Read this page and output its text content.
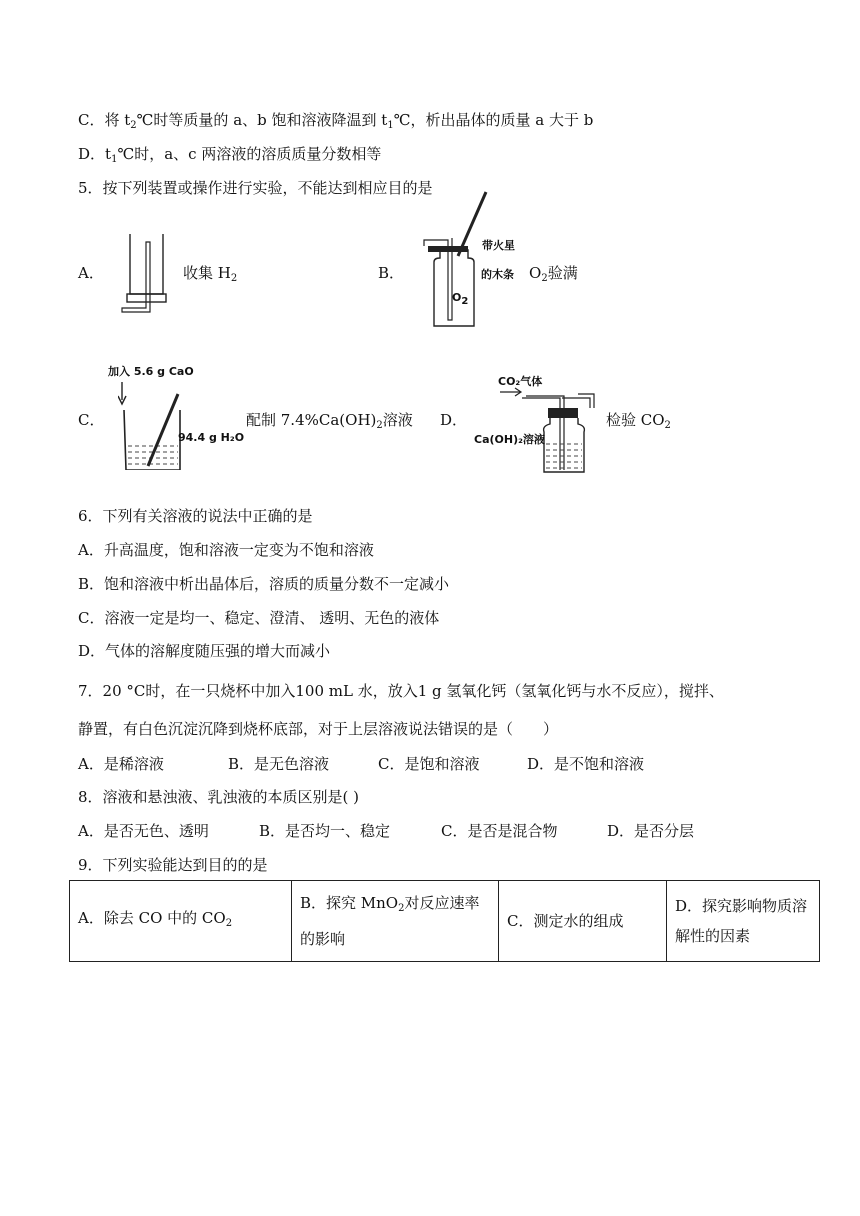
C．将 $t_2℃$时等质量的 a、b 饱和溶液降温到 $t_1℃$，析出晶体的质量 a 大于 b
D．$t_1℃$时，a、c 两溶液的溶质质量分数相等
5．按下列装置或操作进行实验，不能达到相应目的是
A．	收集 $H_2$	B．
带火星
的木条
O2
$O_2$验满
C．
加入 5.6 g CaO
94.4 g H₂O
配制 $7.4\%Ca(OH)_2$溶液 D．
CO₂气体
Ca(OH)₂溶液
检验 $CO_2$
6．下列有关溶液的说法中正确的是
A．升高温度，饱和溶液一定变为不饱和溶液
B．饱和溶液中析出晶体后，溶质的质量分数不一定减小
C．溶液一定是均一、稳定、澄清、 透明、无色的液体
D．气体的溶解度随压强的增大而减小
7．20 °C时，在一只烧杯中加入100 mL 水，放入1 g 氢氧化钙（氢氧化钙与水不反应），搅拌、
静置，有白色沉淀沉降到烧杯底部，对于上层溶液说法错误的是（　　）
A．是稀溶液	B．是无色溶液	C．是饱和溶液	D．是不饱和溶液
8．溶液和悬浊液、乳浊液的本质区别是( )
A．是否无色、透明	B．是否均一、稳定	C．是否是混合物	D．是否分层
9．下列实验能达到目的的是
A．除去 CO 中的 $CO_2$	B．探究 MnO$_2$对反应速率的影响	C．测定水的组成	D．探究影响物质溶解性的因素
